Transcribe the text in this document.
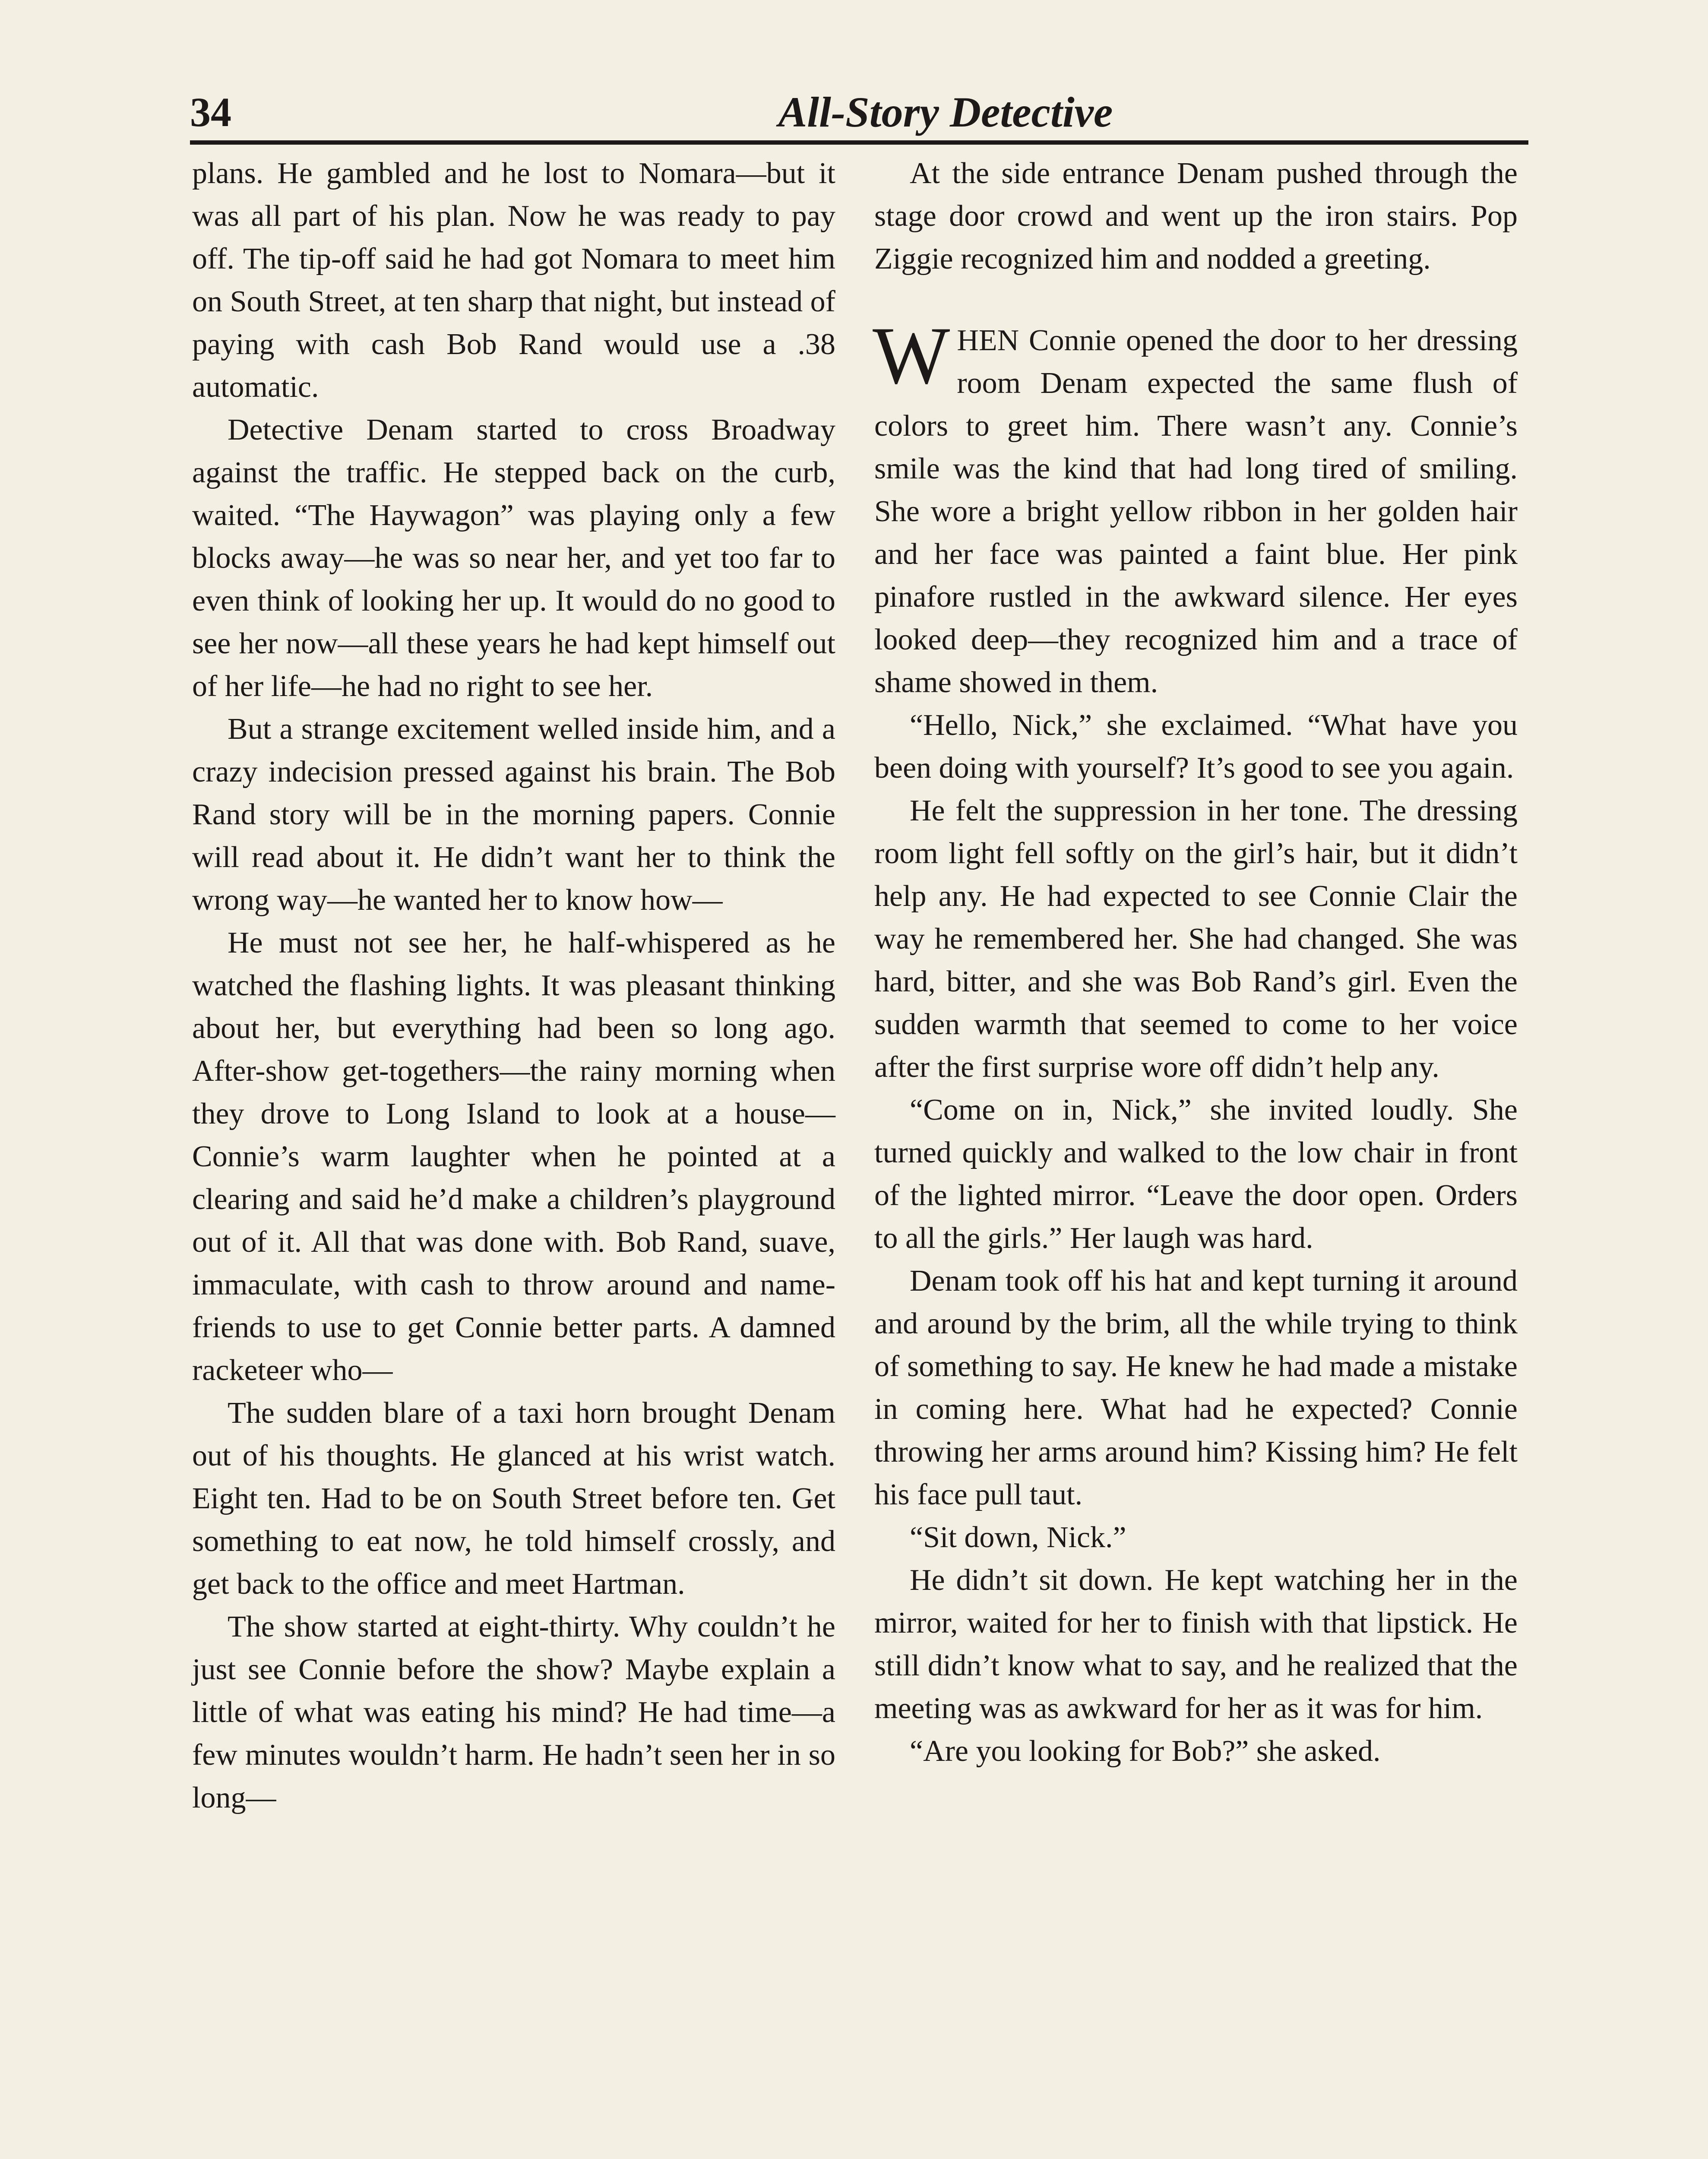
34	All-Story Detective

plans. He gambled and he lost to Nomara—but it was all part of his plan. Now he was ready to pay off. The tip-off said he had got Nomara to meet him on South Street, at ten sharp that night, but instead of paying with cash Bob Rand would use a .38 automatic.

Detective Denam started to cross Broadway against the traffic. He stepped back on the curb, waited. “The Haywagon” was playing only a few blocks away—he was so near her, and yet too far to even think of looking her up. It would do no good to see her now—all these years he had kept himself out of her life—he had no right to see her.

But a strange excitement welled inside him, and a crazy indecision pressed against his brain. The Bob Rand story will be in the morning papers. Connie will read about it. He didn’t want her to think the wrong way—he wanted her to know how—

He must not see her, he half-whispered as he watched the flashing lights. It was pleasant thinking about her, but everything had been so long ago. After-show get-togethers—the rainy morning when they drove to Long Island to look at a house—Connie’s warm laughter when he pointed at a clearing and said he’d make a children’s playground out of it. All that was done with. Bob Rand, suave, immaculate, with cash to throw around and name-friends to use to get Connie better parts. A damned racketeer who—

The sudden blare of a taxi horn brought Denam out of his thoughts. He glanced at his wrist watch. Eight ten. Had to be on South Street before ten. Get something to eat now, he told himself crossly, and get back to the office and meet Hartman.

The show started at eight-thirty. Why couldn’t he just see Connie before the show? Maybe explain a little of what was eating his mind? He had time—a few minutes wouldn’t harm. He hadn’t seen her in so long—

At the side entrance Denam pushed through the stage door crowd and went up the iron stairs. Pop Ziggie recognized him and nodded a greeting.

WHEN Connie opened the door to her dressing room Denam expected the same flush of colors to greet him. There wasn’t any. Connie’s smile was the kind that had long tired of smiling. She wore a bright yellow ribbon in her golden hair and her face was painted a faint blue. Her pink pinafore rustled in the awkward silence. Her eyes looked deep—they recognized him and a trace of shame showed in them.

“Hello, Nick,” she exclaimed. “What have you been doing with yourself? It’s good to see you again.

He felt the suppression in her tone. The dressing room light fell softly on the girl’s hair, but it didn’t help any. He had expected to see Connie Clair the way he remembered her. She had changed. She was hard, bitter, and she was Bob Rand’s girl. Even the sudden warmth that seemed to come to her voice after the first surprise wore off didn’t help any.

“Come on in, Nick,” she invited loudly. She turned quickly and walked to the low chair in front of the lighted mirror. “Leave the door open. Orders to all the girls.” Her laugh was hard.

Denam took off his hat and kept turning it around and around by the brim, all the while trying to think of something to say. He knew he had made a mistake in coming here. What had he expected? Connie throwing her arms around him? Kissing him? He felt his face pull taut.

“Sit down, Nick.”

He didn’t sit down. He kept watching her in the mirror, waited for her to finish with that lipstick. He still didn’t know what to say, and he realized that the meeting was as awkward for her as it was for him.

“Are you looking for Bob?” she asked.
